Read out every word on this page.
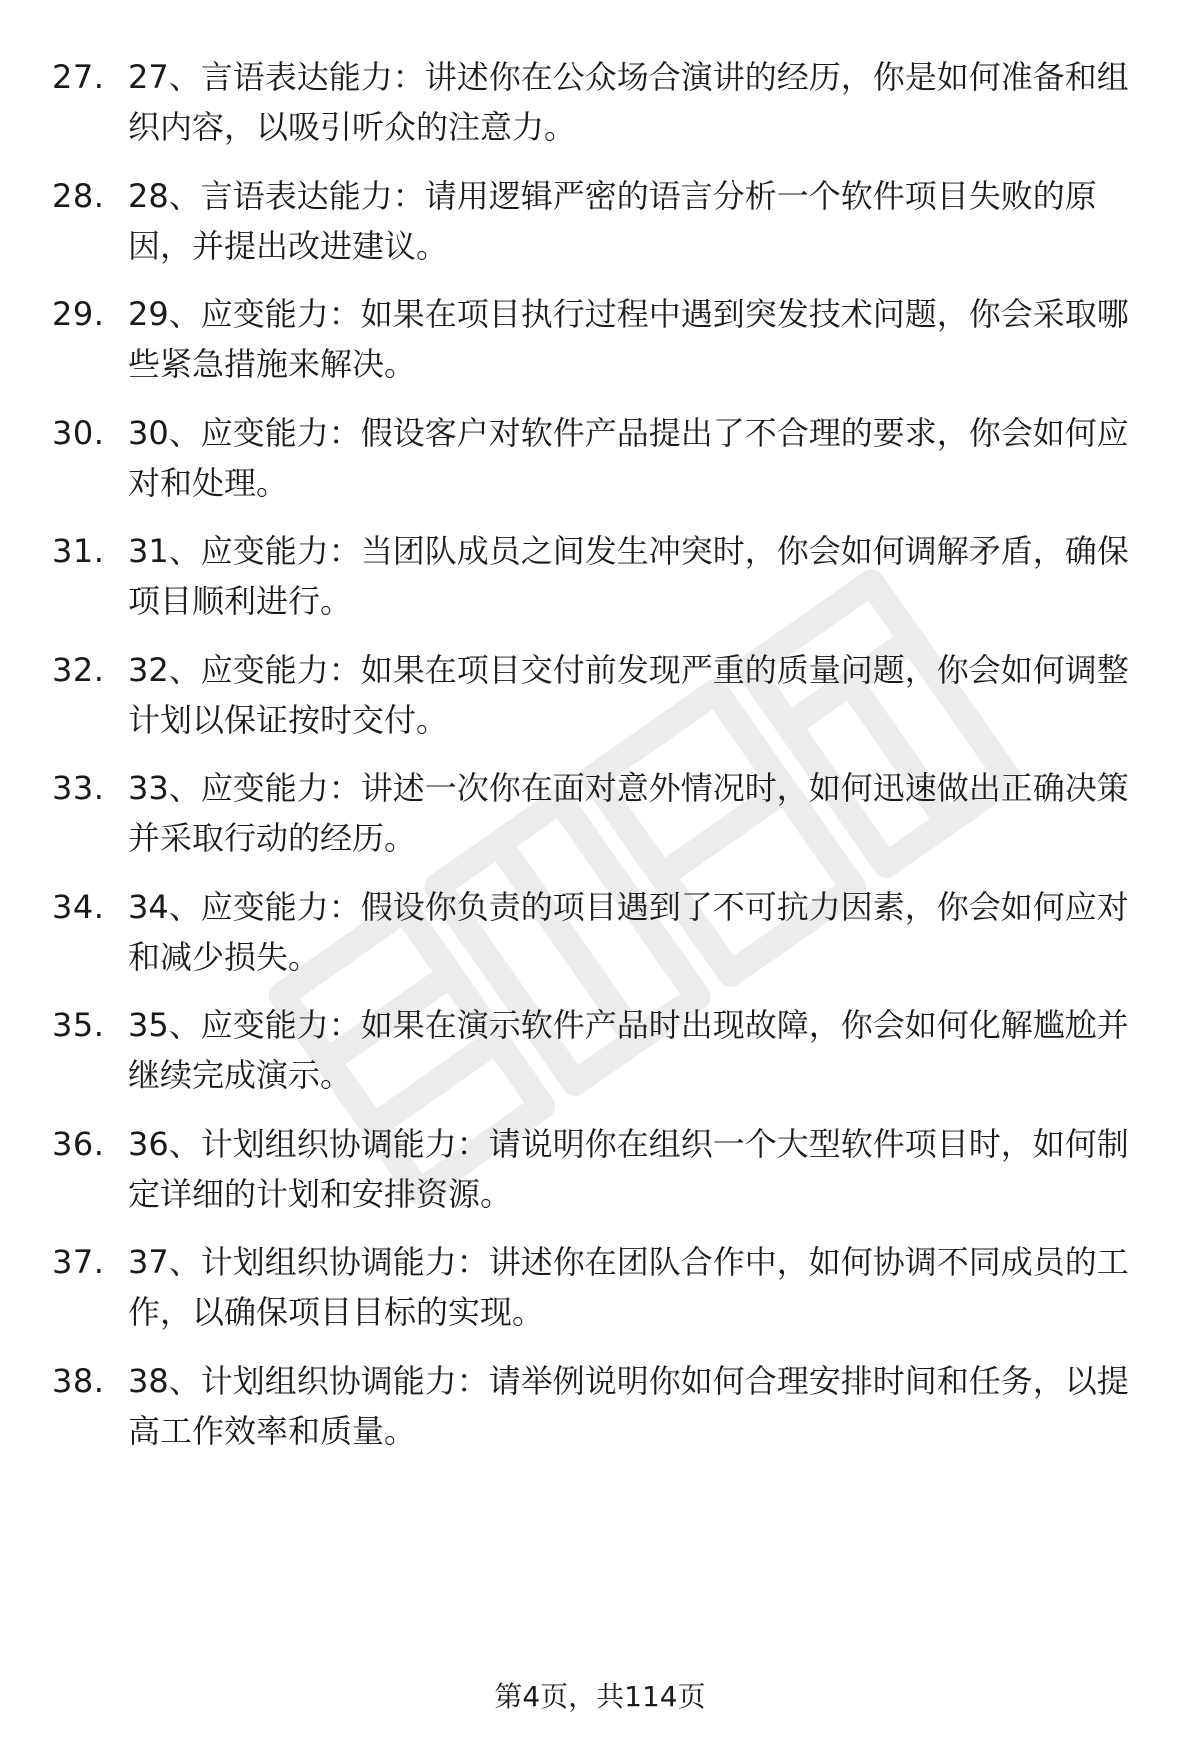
27. 27、言语表达能力：讲述你在公众场合演讲的经历，你是如何准备和组织内容，以吸引听众的注意力。
28. 28、言语表达能力：请用逻辑严密的语言分析一个软件项目失败的原因，并提出改进建议。
29. 29、应变能力：如果在项目执行过程中遇到突发技术问题，你会采取哪些紧急措施来解决。
30. 30、应变能力：假设客户对软件产品提出了不合理的要求，你会如何应对和处理。
31. 31、应变能力：当团队成员之间发生冲突时，你会如何调解矛盾，确保项目顺利进行。
32. 32、应变能力：如果在项目交付前发现严重的质量问题，你会如何调整计划以保证按时交付。
33. 33、应变能力：讲述一次你在面对意外情况时，如何迅速做出正确决策并采取行动的经历。
34. 34、应变能力：假设你负责的项目遇到了不可抗力因素，你会如何应对和减少损失。
35. 35、应变能力：如果在演示软件产品时出现故障，你会如何化解尴尬并继续完成演示。
36. 36、计划组织协调能力：请说明你在组织一个大型软件项目时，如何制定详细的计划和安排资源。
37. 37、计划组织协调能力：讲述你在团队合作中，如何协调不同成员的工作，以确保项目目标的实现。
38. 38、计划组织协调能力：请举例说明你如何合理安排时间和任务，以提高工作效率和质量。
第4页，共114页
